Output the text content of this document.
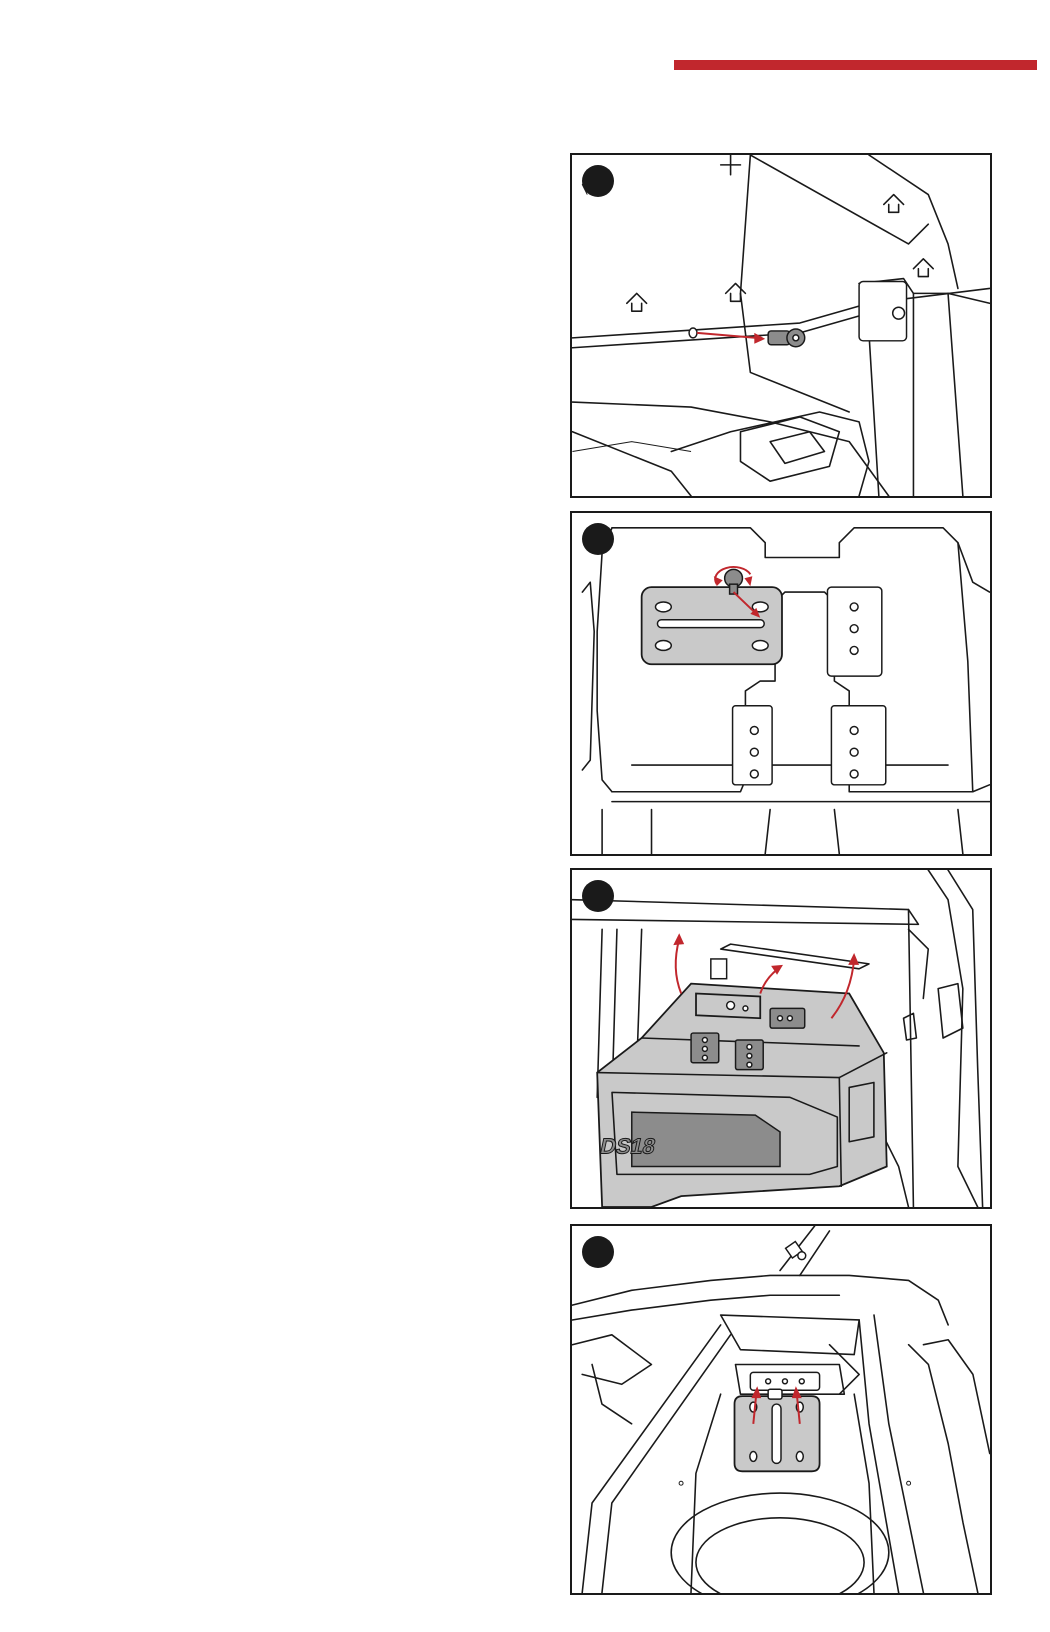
DS18
